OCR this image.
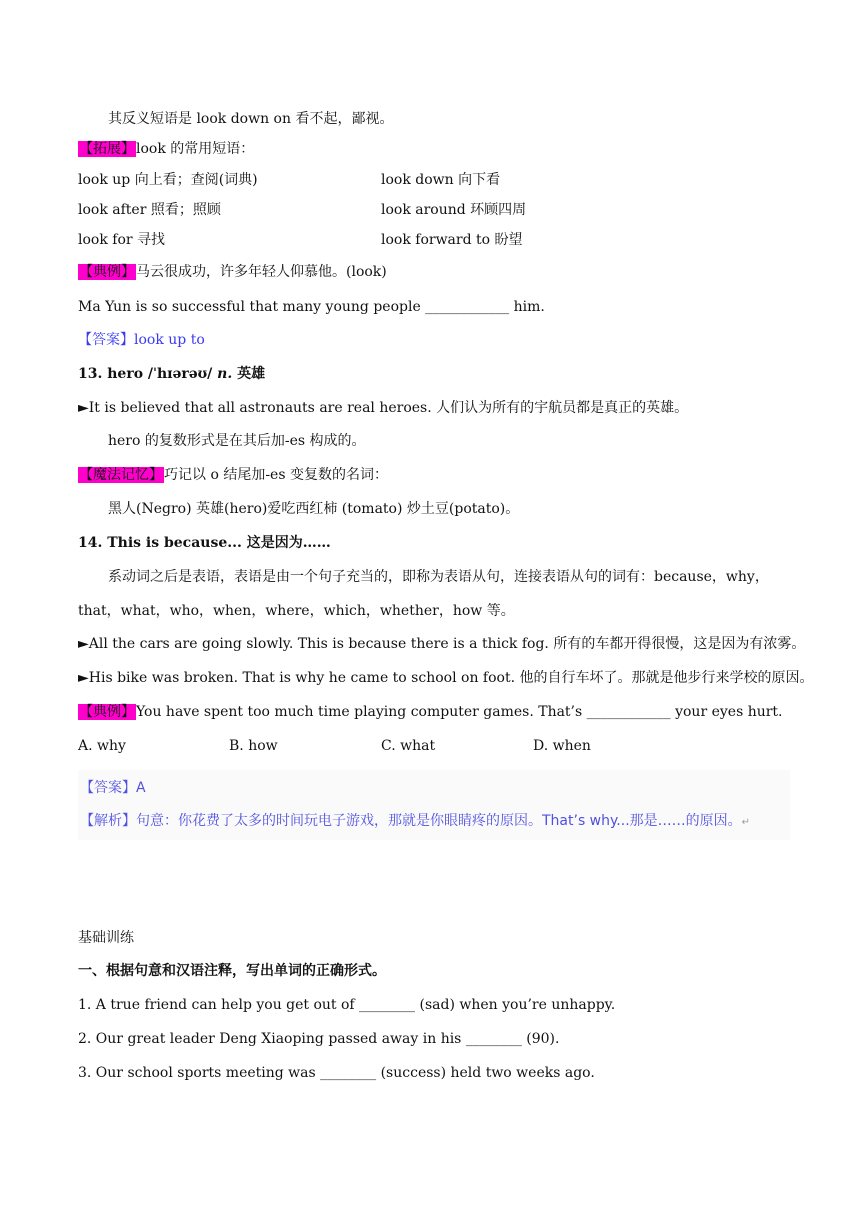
其反义短语是 look down on 看不起，鄙视。
【拓展】look 的常用短语：
look up 向上看；查阅(词典)	look down 向下看
look after 照看；照顾	look around 环顾四周
look for 寻找	look forward to 盼望
【典例】马云很成功，许多年轻人仰慕他。(look)
Ma Yun is so successful that many young people ____________ him.
【答案】look up to
13. hero /ˈhɪərəʊ/ n. 英雄
►It is believed that all astronauts are real heroes. 人们认为所有的宇航员都是真正的英雄。
hero 的复数形式是在其后加-es 构成的。
【魔法记忆】巧记以 o 结尾加-es 变复数的名词：
黑人(Negro) 英雄(hero)爱吃西红柿 (tomato) 炒土豆(potato)。
14. This is because... 这是因为……
系动词之后是表语，表语是由一个句子充当的，即称为表语从句，连接表语从句的词有：because，why，
that，what，who，when，where，which，whether，how 等。
►All the cars are going slowly. This is because there is a thick fog. 所有的车都开得很慢，这是因为有浓雾。
►His bike was broken. That is why he came to school on foot. 他的自行车坏了。那就是他步行来学校的原因。
【典例】You have spent too much time playing computer games. That’s ____________ your eyes hurt.
A. why	B. how	C. what	D. when
【答案】A
【解析】句意：你花费了太多的时间玩电子游戏，那就是你眼睛疼的原因。That’s why...那是……的原因。↵
基础训练
一、根据句意和汉语注释，写出单词的正确形式。
1. A true friend can help you get out of ________ (sad) when you’re unhappy.
2. Our great leader Deng Xiaoping passed away in his ________ (90).
3. Our school sports meeting was ________ (success) held two weeks ago.
